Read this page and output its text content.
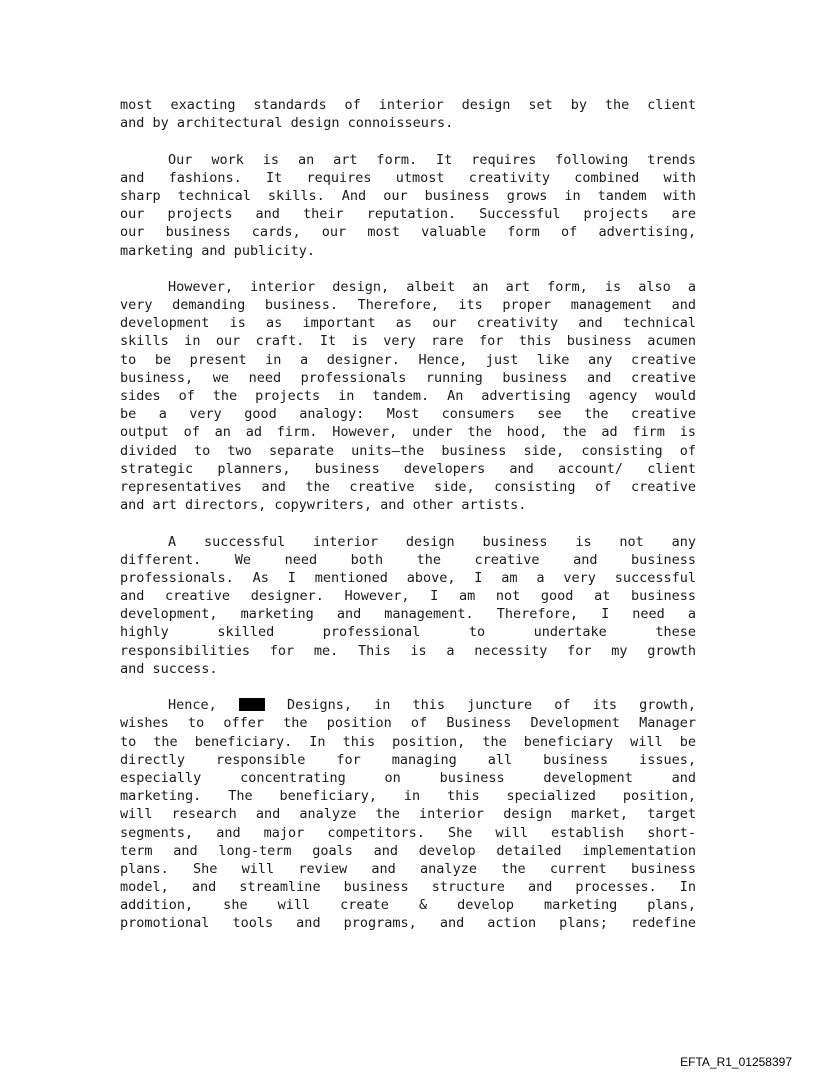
most exacting standards of interior design set by the client
and by architectural design connoisseurs.
Our work is an art form. It requires following trends
and fashions. It requires utmost creativity combined with
sharp technical skills. And our business grows in tandem with
our projects and their reputation. Successful projects are
our business cards, our most valuable form of advertising,
marketing and publicity.
However, interior design, albeit an art form, is also a
very demanding business. Therefore, its proper management and
development is as important as our creativity and technical
skills in our craft. It is very rare for this business acumen
to be present in a designer. Hence, just like any creative
business, we need professionals running business and creative
sides of the projects in tandem. An advertising agency would
be a very good analogy: Most consumers see the creative
output of an ad firm. However, under the hood, the ad firm is
divided to two separate units—the business side, consisting of
strategic planners, business developers and account/ client
representatives and the creative side, consisting of creative
and art directors, copywriters, and other artists.
A successful interior design business is not any
different. We need both the creative and business
professionals. As I mentioned above, I am a very successful
and creative designer. However, I am not good at business
development, marketing and management. Therefore, I need a
highly skilled professional to undertake these
responsibilities for me. This is a necessity for my growth
and success.
Hence,	Designs, in this juncture of its growth,
wishes to offer the position of Business Development Manager
to the beneficiary. In this position, the beneficiary will be
directly responsible for managing all business issues,
especially concentrating on business development and
marketing. The beneficiary, in this specialized position,
will research and analyze the interior design market, target
segments, and major competitors. She will establish short-
term and long-term goals and develop detailed implementation
plans. She will review and analyze the current business
model, and streamline business structure and processes. In
addition, she will create & develop marketing plans,
promotional tools and programs, and action plans; redefine
EFTA_R1_01258397
